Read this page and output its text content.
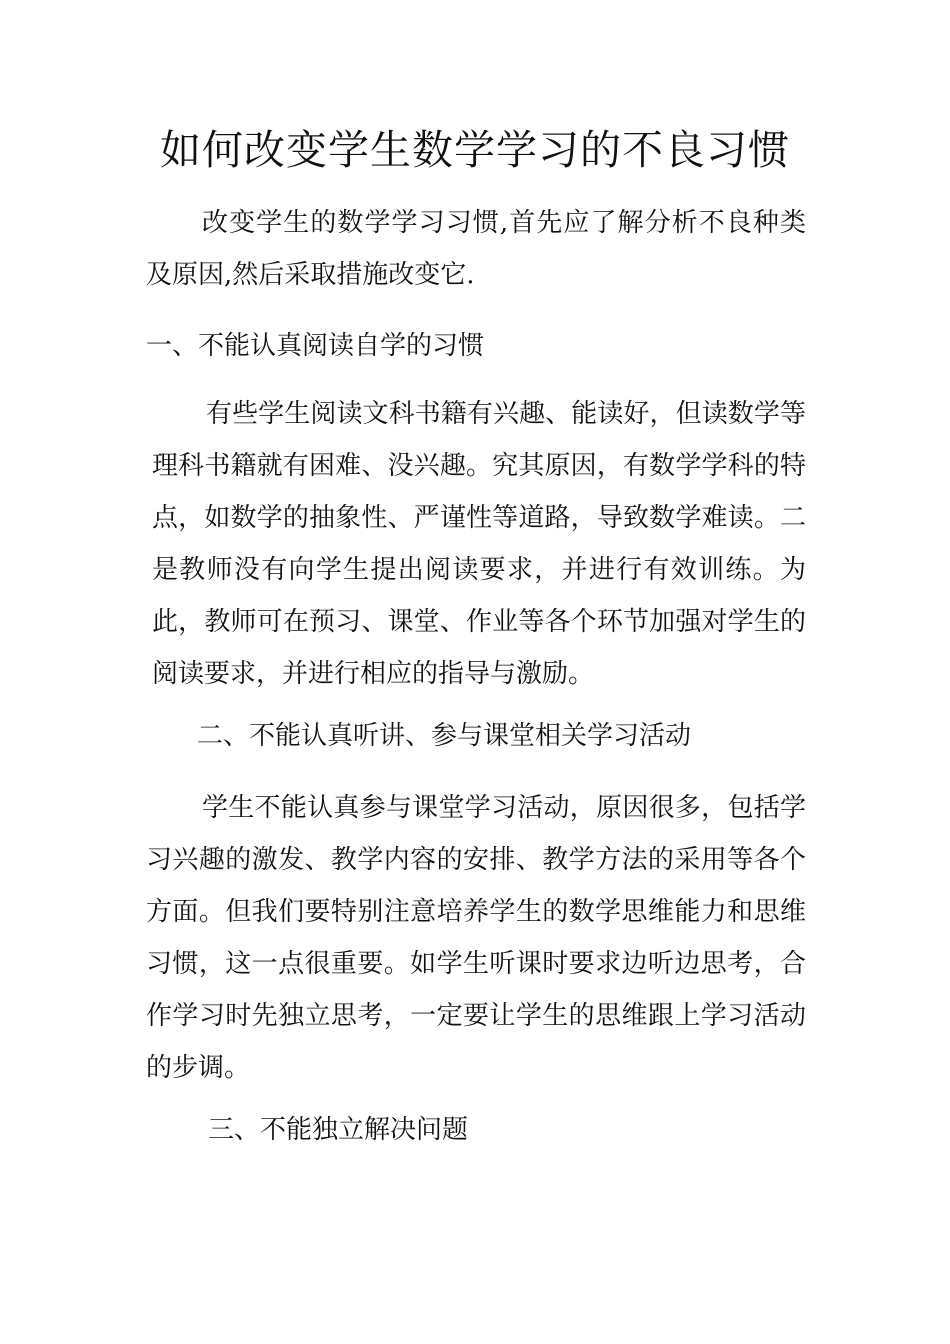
如何改变学生数学学习的不良习惯
改变学生的数学学习习惯,首先应了解分析不良种类及原因,然后采取措施改变它.
一、不能认真阅读自学的习惯
有些学生阅读文科书籍有兴趣、能读好，但读数学等理科书籍就有困难、没兴趣。究其原因，有数学学科的特点，如数学的抽象性、严谨性等道路，导致数学难读。二是教师没有向学生提出阅读要求，并进行有效训练。为此，教师可在预习、课堂、作业等各个环节加强对学生的阅读要求，并进行相应的指导与激励。
二、不能认真听讲、参与课堂相关学习活动
学生不能认真参与课堂学习活动，原因很多，包括学习兴趣的激发、教学内容的安排、教学方法的采用等各个方面。但我们要特别注意培养学生的数学思维能力和思维习惯，这一点很重要。如学生听课时要求边听边思考，合作学习时先独立思考，一定要让学生的思维跟上学习活动的步调。
三、不能独立解决问题
